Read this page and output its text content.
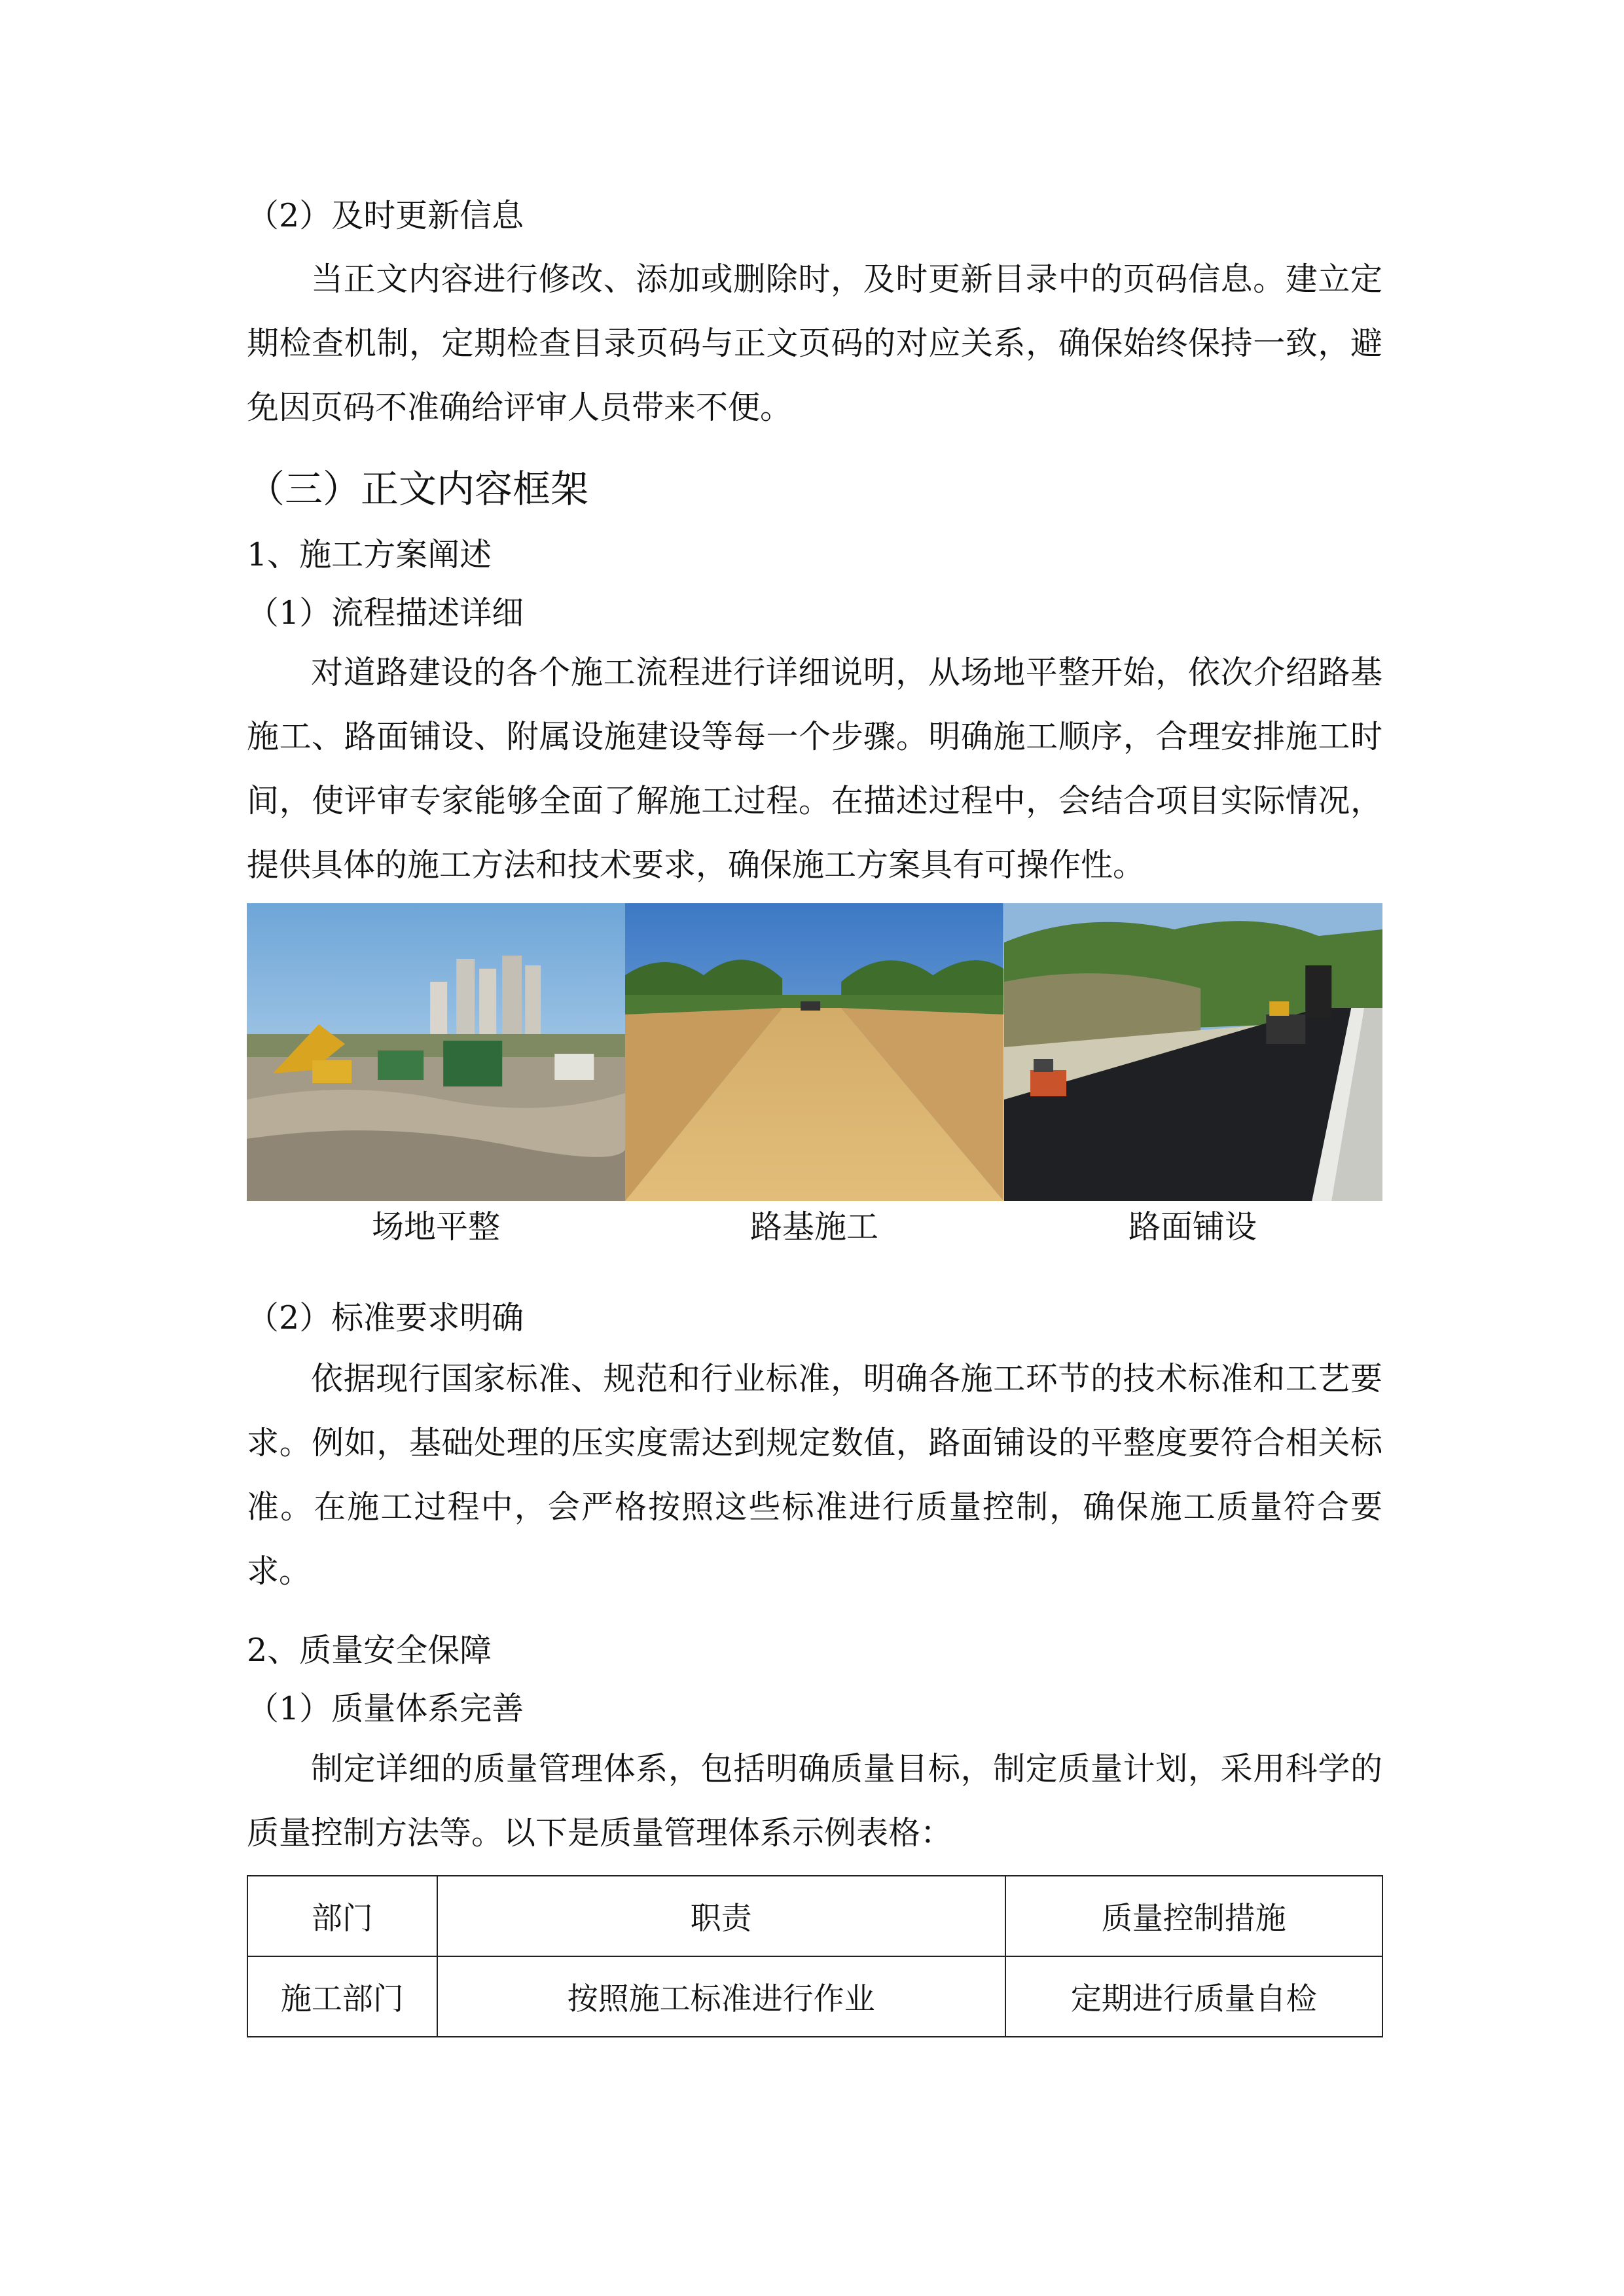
（2）及时更新信息
当正文内容进行修改、添加或删除时，及时更新目录中的页码信息。建立定期检查机制，定期检查目录页码与正文页码的对应关系，确保始终保持一致，避免因页码不准确给评审人员带来不便。
（三）正文内容框架
1、施工方案阐述
（1）流程描述详细
对道路建设的各个施工流程进行详细说明，从场地平整开始，依次介绍路基施工、路面铺设、附属设施建设等每一个步骤。明确施工顺序，合理安排施工时间，使评审专家能够全面了解施工过程。在描述过程中，会结合项目实际情况，提供具体的施工方法和技术要求，确保施工方案具有可操作性。
场地平整	路基施工	路面铺设
（2）标准要求明确
依据现行国家标准、规范和行业标准，明确各施工环节的技术标准和工艺要求。例如，基础处理的压实度需达到规定数值，路面铺设的平整度要符合相关标准。在施工过程中，会严格按照这些标准进行质量控制，确保施工质量符合要求。
2、质量安全保障
（1）质量体系完善
制定详细的质量管理体系，包括明确质量目标，制定质量计划，采用科学的质量控制方法等。以下是质量管理体系示例表格：
部门	职责	质量控制措施
施工部门	按照施工标准进行作业	定期进行质量自检
